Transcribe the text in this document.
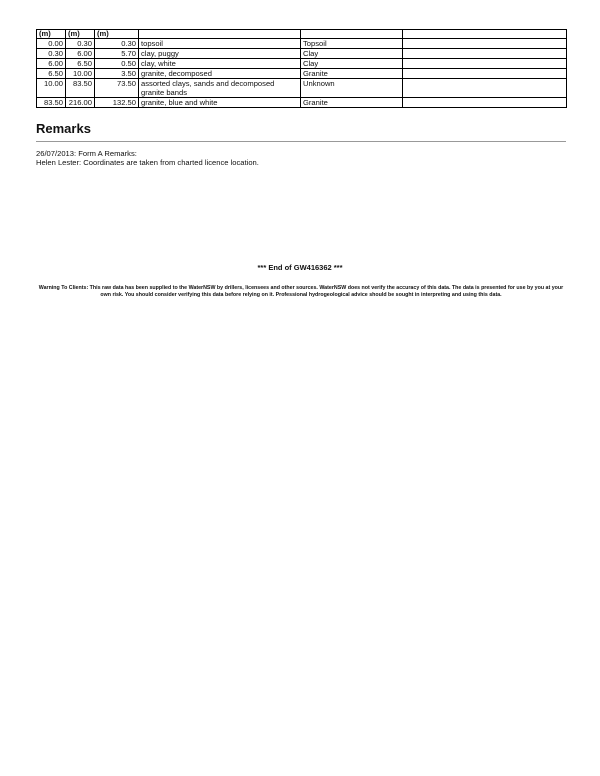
(m)	(m)	(m)			
0.00	0.30	0.30	topsoil	Topsoil	
0.30	6.00	5.70	clay, puggy	Clay	
6.00	6.50	0.50	clay, white	Clay	
6.50	10.00	3.50	granite, decomposed	Granite	
10.00	83.50	73.50	assorted clays, sands and decomposed granite bands	Unknown	
83.50	216.00	132.50	granite, blue and white	Granite	
Remarks
26/07/2013: Form A Remarks:
Helen Lester: Coordinates are taken from charted licence location.
*** End of GW416362 ***
Warning To Clients: This raw data has been supplied to the WaterNSW by drillers, licensees and other sources. WaterNSW does not verify the accuracy of this data. The data is presented for use by you at your own risk. You should consider verifying this data before relying on it. Professional hydrogeological advice should be sought in interpreting and using this data.
